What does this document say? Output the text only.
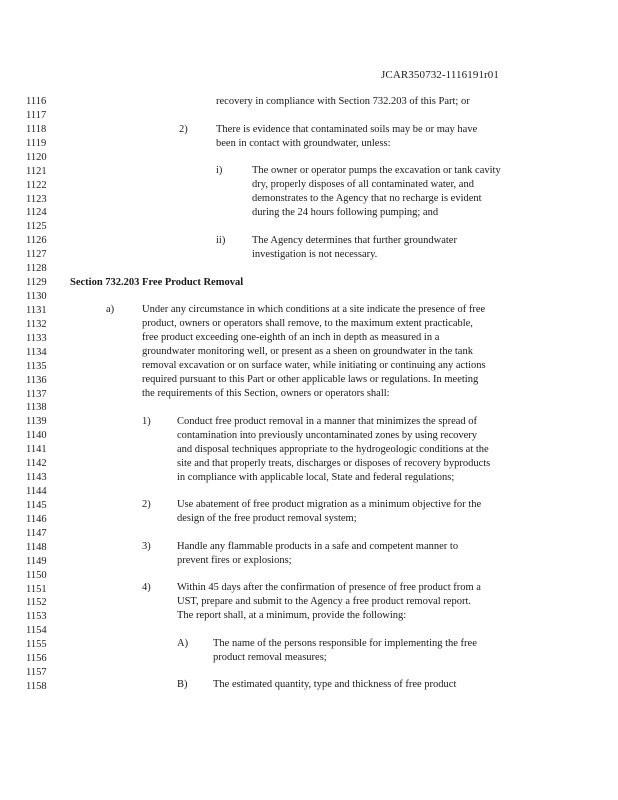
JCAR350732-1116191r01
1116
1117
1118
1119
1120
1121
1122
1123
1124
1125
1126
1127
1128
1129
1130
1131
1132
1133
1134
1135
1136
1137
1138
1139
1140
1141
1142
1143
1144
1145
1146
1147
1148
1149
1150
1151
1152
1153
1154
1155
1156
1157
1158
recovery in compliance with Section 732.203 of this Part; or
2)	There is evidence that contaminated soils may be or may have
been in contact with groundwater, unless:
i)	The owner or operator pumps the excavation or tank cavity
dry, properly disposes of all contaminated water, and
demonstrates to the Agency that no recharge is evident
during the 24 hours following pumping; and
ii)	The Agency determines that further groundwater
investigation is not necessary.
Section 732.203 Free Product Removal
a)	Under any circumstance in which conditions at a site indicate the presence of free
product, owners or operators shall remove, to the maximum extent practicable,
free product exceeding one-eighth of an inch in depth as measured in a
groundwater monitoring well, or present as a sheen on groundwater in the tank
removal excavation or on surface water, while initiating or continuing any actions
required pursuant to this Part or other applicable laws or regulations. In meeting
the requirements of this Section, owners or operators shall:
1)	Conduct free product removal in a manner that minimizes the spread of
contamination into previously uncontaminated zones by using recovery
and disposal techniques appropriate to the hydrogeologic conditions at the
site and that properly treats, discharges or disposes of recovery byproducts
in compliance with applicable local, State and federal regulations;
2)	Use abatement of free product migration as a minimum objective for the
design of the free product removal system;
3)	Handle any flammable products in a safe and competent manner to
prevent fires or explosions;
4)	Within 45 days after the confirmation of presence of free product from a
UST, prepare and submit to the Agency a free product removal report.
The report shall, at a minimum, provide the following:
A) The name of the persons responsible for implementing the free
product removal measures;
B) The estimated quantity, type and thickness of free product
